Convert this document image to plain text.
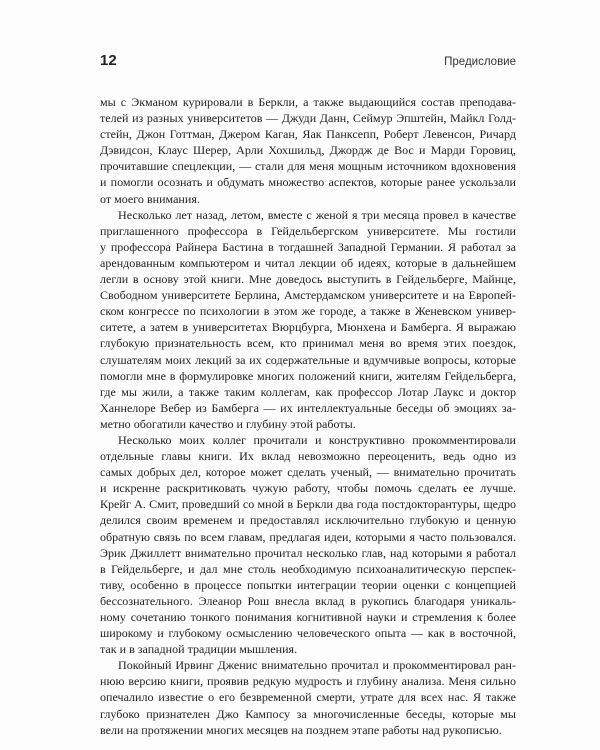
12	Предисловие

мы с Экманом курировали в Беркли, а также выдающийся состав преподава-
телей из разных университетов — Джуди Данн, Сеймур Эпштейн, Майкл Голд-
стейн, Джон Готтман, Джером Каган, Яак Панксепп, Роберт Левенсон, Ричард
Дэвидсон, Клаус Шерер, Арли Хохшильд, Джордж де Вос и Марди Горовиц,
прочитавшие спецлекции, — стали для меня мощным источником вдохновения
и помогли осознать и обдумать множество аспектов, которые ранее ускользали
от моего внимания.

Несколько лет назад, летом, вместе с женой я три месяца провел в качестве
приглашенного профессора в Гейдельбергском университете. Мы гостили
у профессора Райнера Бастина в тогдашней Западной Германии. Я работал за
арендованным компьютером и читал лекции об идеях, которые в дальнейшем
легли в основу этой книги. Мне доведось выступить в Гейдельберге, Майнце,
Свободном университете Берлина, Амстердамском университете и на Европей-
ском конгрессе по психологии в этом же городе, а также в Женевском универ-
ситете, а затем в университетах Вюрцбурга, Мюнхена и Бамберга. Я выражаю
глубокую признательность всем, кто принимал меня во время этих поездок,
слушателям моих лекций за их содержательные и вдумчивые вопросы, которые
помогли мне в формулировке многих положений книги, жителям Гейдельберга,
где мы жили, а также таким коллегам, как профессор Лотар Лаукс и доктор
Ханнелоре Вебер из Бамберга — их интеллектуальные беседы об эмоциях за-
метно обогатили качество и глубину этой работы.

Несколько моих коллег прочитали и конструктивно прокомментировали
отдельные главы книги. Их вклад невозможно переоценить, ведь одно из
самых добрых дел, которое может сделать ученый, — внимательно прочитать
и искренне раскритиковать чужую работу, чтобы помочь сделать ее лучше.
Крейг А. Смит, проведший со мной в Беркли два года постдокторантуры, щедро
делился своим временем и предоставлял исключительно глубокую и ценную
обратную связь по всем главам, предлагая идеи, которыми я часто пользовался.
Эрик Джиллетт внимательно прочитал несколько глав, над которыми я работал
в Гейдельберге, и дал мне столь необходимую психоаналитическую перспек-
тиву, особенно в процессе попытки интеграции теории оценки с концепцией
бессознательного. Элеанор Рош внесла вклад в рукопись благодаря уникаль-
ному сочетанию тонкого понимания когнитивной науки и стремления к более
широкому и глубокому осмыслению человеческого опыта — как в восточной,
так и в западной традиции мышления.

Покойный Ирвинг Дженис внимательно прочитал и прокомментировал ран-
нюю версию книги, проявив редкую мудрость и глубину анализа. Меня сильно
опечалило известие о его безвременной смерти, утрате для всех нас. Я также
глубоко признателен Джо Кампосу за многочисленные беседы, которые мы
вели на протяжении многих месяцев на позднем этапе работы над рукописью.
